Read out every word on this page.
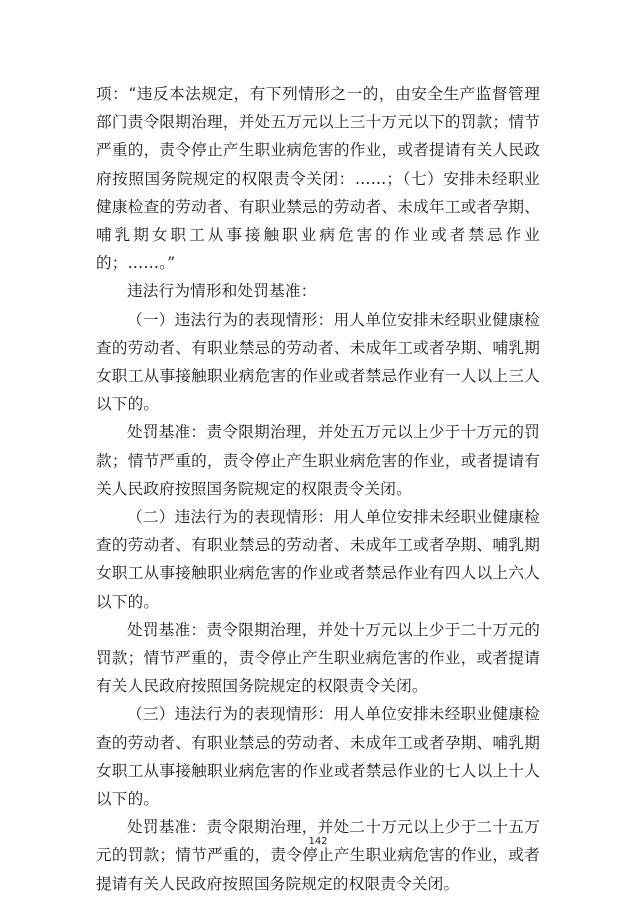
项：“违反本法规定，有下列情形之一的，由安全生产监督管理部门责令限期治理，并处五万元以上三十万元以下的罚款；情节严重的，责令停止产生职业病危害的作业，或者提请有关人民政府按照国务院规定的权限责令关闭：……；（七）安排未经职业健康检查的劳动者、有职业禁忌的劳动者、未成年工或者孕期、哺乳期女职工从事接触职业病危害的作业或者禁忌作业的；……。”

违法行为情形和处罚基准：

（一）违法行为的表现情形：用人单位安排未经职业健康检查的劳动者、有职业禁忌的劳动者、未成年工或者孕期、哺乳期女职工从事接触职业病危害的作业或者禁忌作业有一人以上三人以下的。

处罚基准：责令限期治理，并处五万元以上少于十万元的罚款；情节严重的，责令停止产生职业病危害的作业，或者提请有关人民政府按照国务院规定的权限责令关闭。

（二）违法行为的表现情形：用人单位安排未经职业健康检查的劳动者、有职业禁忌的劳动者、未成年工或者孕期、哺乳期女职工从事接触职业病危害的作业或者禁忌作业有四人以上六人以下的。

处罚基准：责令限期治理，并处十万元以上少于二十万元的罚款；情节严重的，责令停止产生职业病危害的作业，或者提请有关人民政府按照国务院规定的权限责令关闭。

（三）违法行为的表现情形：用人单位安排未经职业健康检查的劳动者、有职业禁忌的劳动者、未成年工或者孕期、哺乳期女职工从事接触职业病危害的作业或者禁忌作业的七人以上十人以下的。

处罚基准：责令限期治理，并处二十万元以上少于二十五万元的罚款；情节严重的，责令停止产生职业病危害的作业，或者提请有关人民政府按照国务院规定的权限责令关闭。

142
